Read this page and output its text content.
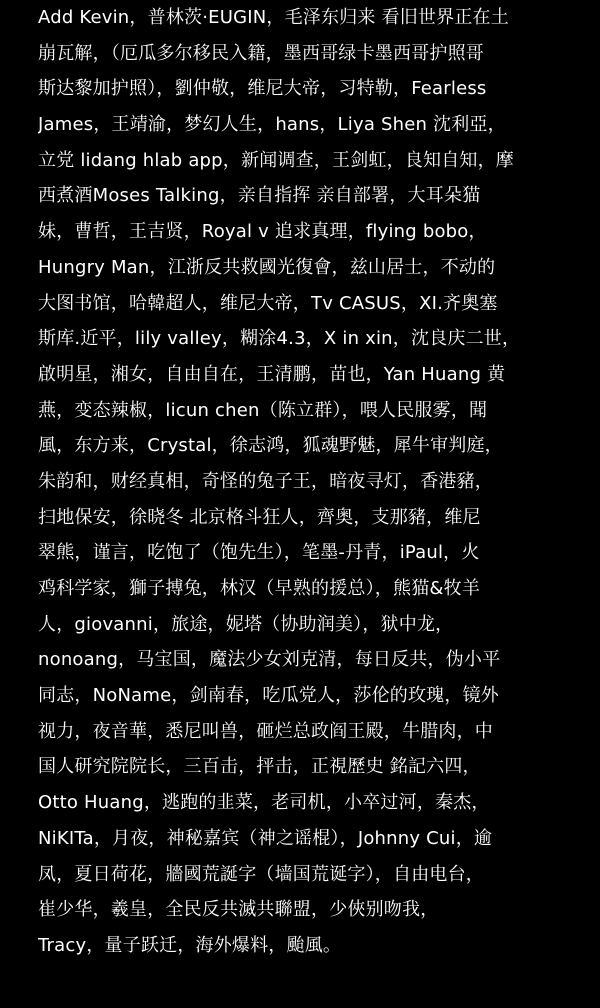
Add Kevin，普林茨·EUGIN，毛泽东归来 看旧世界正在土
崩瓦解，（厄瓜多尔移民入籍，墨西哥绿卡墨西哥护照哥
斯达黎加护照），劉仲敬，维尼大帝，习特勒，Fearless
James，王靖渝，梦幻人生，hans，Liya Shen 沈利亞，
立党 lidang hlab app，新闻调查，王剑虹，良知自知，摩
西煮酒Moses Talking，亲自指挥 亲自部署，大耳朵猫
妹，曹哲，王吉贤，Royal v 追求真理，flying bobo，
Hungry Man，江浙反共救國光復會，兹山居士，不动的
大图书馆，哈韓超人，维尼大帝，Tv CASUS，XI.齐奥塞
斯库.近平，lily valley，糊涂4.3，X in xin，沈良庆二世，
啟明星，湘女，自由自在，王清鹏，苗也，Yan Huang 黄
燕，变态辣椒，licun chen（陈立群），喂人民服雾，聞
風，东方来，Crystal，徐志鸿，狐魂野魅，犀牛审判庭，
朱韵和，财经真相，奇怪的兔子王，暗夜寻灯，香港豬，
扫地保安，徐晓冬 北京格斗狂人，齊奥，支那豬，维尼
翠熊，谨言，吃饱了（饱先生），笔墨-丹青，iPaul，火
鸡科学家，獅子搏兔，林汉（早熟的援总），熊猫&牧羊
人，giovanni，旅途，妮塔（协助润美），狱中龙，
nonoang，马宝国，魔法少女刘克清，每日反共，伪小平
同志，NoName，剑南春，吃瓜党人，莎伦的玫瑰，镜外
视力，夜音華，悉尼叫兽，砸烂总政阎王殿，牛腊肉，中
国人研究院院长，三百击，抨击，正視歷史 銘記六四，
Otto Huang，逃跑的韭菜，老司机，小卒过河，秦杰，
NiKITa，月夜，神秘嘉宾（神之谣棍），Johnny Cui，逾
凤，夏日荷花，牆國荒誕字（墙国荒诞字），自由电台，
崔少华，羲皇，全民反共滅共聯盟，少俠别吻我，
Tracy，量子跃迁，海外爆料，颱風。
